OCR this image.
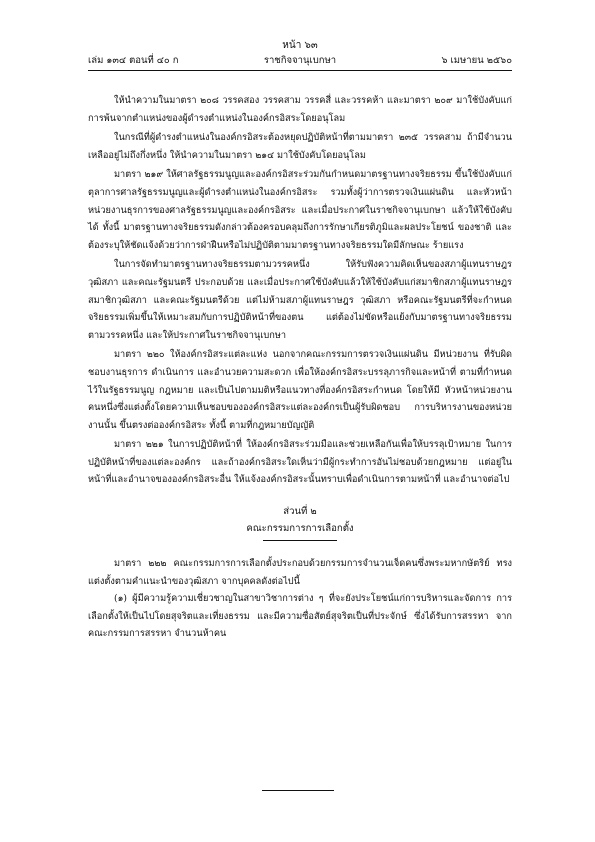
หน้า ๖๓
เล่ม ๑๓๔ ตอนที่ ๔๐ ก	ราชกิจจานุเบกษา	๖ เมษายน ๒๕๖๐

ให้นำความในมาตรา ๒๐๘ วรรคสอง วรรคสาม วรรคสี่ และวรรคห้า และมาตรา ๒๐๙ มาใช้บังคับแก่การพ้นจากตำแหน่งของผู้ดำรงตำแหน่งในองค์กรอิสระโดยอนุโลม

ในกรณีที่ผู้ดำรงตำแหน่งในองค์กรอิสระต้องหยุดปฏิบัติหน้าที่ตามมาตรา ๒๓๕ วรรคสาม ถ้ามีจำนวนเหลืออยู่ไม่ถึงกึ่งหนึ่ง ให้นำความในมาตรา ๒๑๔ มาใช้บังคับโดยอนุโลม

มาตรา ๒๑๙ ให้ศาลรัฐธรรมนูญและองค์กรอิสระร่วมกันกำหนดมาตรฐานทางจริยธรรม ขึ้นใช้บังคับแก่ตุลาการศาลรัฐธรรมนูญและผู้ดำรงตำแหน่งในองค์กรอิสระ รวมทั้งผู้ว่าการตรวจเงินแผ่นดิน และหัวหน้าหน่วยงานธุรการของศาลรัฐธรรมนูญและองค์กรอิสระ และเมื่อประกาศในราชกิจจานุเบกษา แล้วให้ใช้บังคับได้ ทั้งนี้ มาตรฐานทางจริยธรรมดังกล่าวต้องครอบคลุมถึงการรักษาเกียรติภูมิและผลประโยชน์ ของชาติ และต้องระบุให้ชัดแจ้งด้วยว่าการฝ่าฝืนหรือไม่ปฏิบัติตามมาตรฐานทางจริยธรรมใดมีลักษณะ ร้ายแรง

ในการจัดทำมาตรฐานทางจริยธรรมตามวรรคหนึ่ง ให้รับฟังความคิดเห็นของสภาผู้แทนราษฎร วุฒิสภา และคณะรัฐมนตรี ประกอบด้วย และเมื่อประกาศใช้บังคับแล้วให้ใช้บังคับแก่สมาชิกสภาผู้แทนราษฎร สมาชิกวุฒิสภา และคณะรัฐมนตรีด้วย แต่ไม่ห้ามสภาผู้แทนราษฎร วุฒิสภา หรือคณะรัฐมนตรีที่จะกำหนด จริยธรรมเพิ่มขึ้นให้เหมาะสมกับการปฏิบัติหน้าที่ของตน แต่ต้องไม่ขัดหรือแย้งกับมาตรฐานทางจริยธรรม ตามวรรคหนึ่ง และให้ประกาศในราชกิจจานุเบกษา

มาตรา ๒๒๐ ให้องค์กรอิสระแต่ละแห่ง นอกจากคณะกรรมการตรวจเงินแผ่นดิน มีหน่วยงาน ที่รับผิดชอบงานธุรการ ดำเนินการ และอำนวยความสะดวก เพื่อให้องค์กรอิสระบรรลุภารกิจและหน้าที่ ตามที่กำหนดไว้ในรัฐธรรมนูญ กฎหมาย และเป็นไปตามมติหรือแนวทางที่องค์กรอิสระกำหนด โดยให้มี หัวหน้าหน่วยงานคนหนึ่งซึ่งแต่งตั้งโดยความเห็นชอบขององค์กรอิสระแต่ละองค์กรเป็นผู้รับผิดชอบ การบริหารงานของหน่วยงานนั้น ขึ้นตรงต่อองค์กรอิสระ ทั้งนี้ ตามที่กฎหมายบัญญัติ

มาตรา ๒๒๑ ในการปฏิบัติหน้าที่ ให้องค์กรอิสระร่วมมือและช่วยเหลือกันเพื่อให้บรรลุเป้าหมาย ในการปฏิบัติหน้าที่ของแต่ละองค์กร และถ้าองค์กรอิสระใดเห็นว่ามีผู้กระทำการอันไม่ชอบด้วยกฎหมาย แต่อยู่ในหน้าที่และอำนาจขององค์กรอิสระอื่น ให้แจ้งองค์กรอิสระนั้นทราบเพื่อดำเนินการตามหน้าที่ และอำนาจต่อไป

ส่วนที่ ๒
คณะกรรมการการเลือกตั้ง

มาตรา ๒๒๒ คณะกรรมการการเลือกตั้งประกอบด้วยกรรมการจำนวนเจ็ดคนซึ่งพระมหากษัตริย์ ทรงแต่งตั้งตามคำแนะนำของวุฒิสภา จากบุคคลดังต่อไปนี้

(๑) ผู้มีความรู้ความเชี่ยวชาญในสาขาวิชาการต่าง ๆ ที่จะยังประโยชน์แก่การบริหารและจัดการ การเลือกตั้งให้เป็นไปโดยสุจริตและเที่ยงธรรม และมีความซื่อสัตย์สุจริตเป็นที่ประจักษ์ ซึ่งได้รับการสรรหา จากคณะกรรมการสรรหา จำนวนห้าคน
